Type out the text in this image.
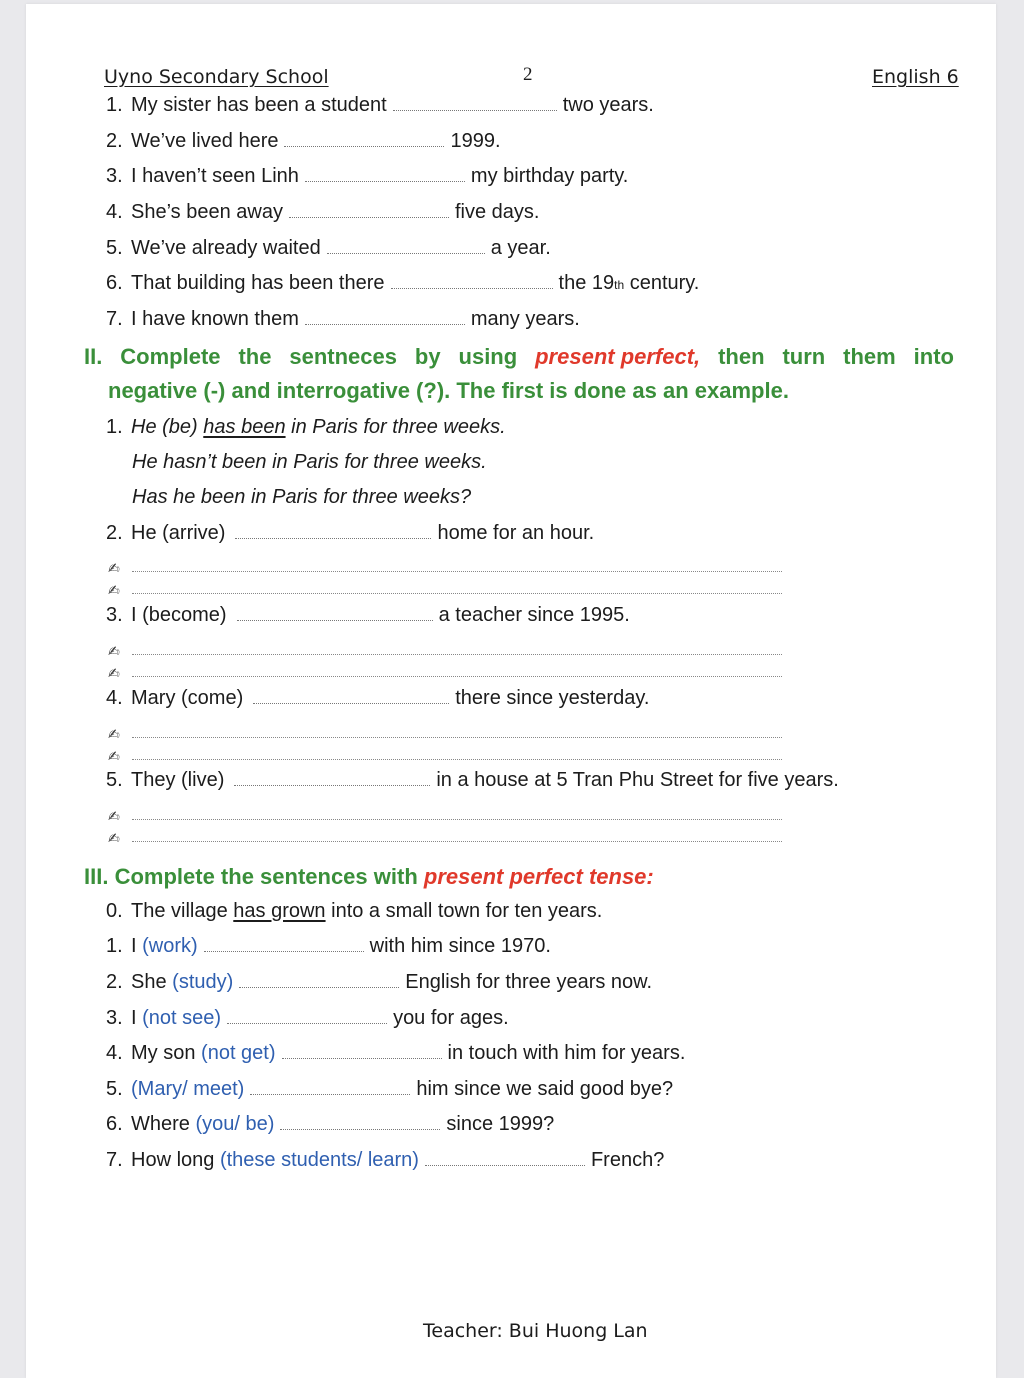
Uyno Secondary School	2	English 6
1. My sister has been a student	two years.
2. We’ve lived here	1999.
3. I haven’t seen Linh	my birthday party.
4. She’s been away	five days.
5. We’ve already waited	a year.
6. That building has been there	the 19 th century.
7. I have known them	many years.
II. Complete the sentneces by using present perfect, then turn them into
negative (-) and interrogative (?). The first is done as an example.
1. He (be)
has been
in Paris for three weeks.
He hasn’t been in Paris for three weeks.
Has he been in Paris for three weeks?
2. He (arrive)	home for an hour.
✍
✍
3. I (become)	a teacher since 1995.
✍
✍
4. Mary (come)	there since yesterday.
✍
✍
5. They (live)	in a house at 5 Tran Phu Street for five years.
✍
✍
III. Complete the sentences with present perfect tense:
0. The village
has grown
into a small town for ten years.
1. I
(work)	with him since 1970.
2. She
(study)	English for three years now.
3. I
(not see)	you for ages.
4. My son
(not get)	in touch with him for years.
5. (Mary/ meet)	him since we said good bye?
6. Where
(you/ be)	since 1999?
7. How long
(these students/ learn)	French?
Teacher: Bui Huong Lan
